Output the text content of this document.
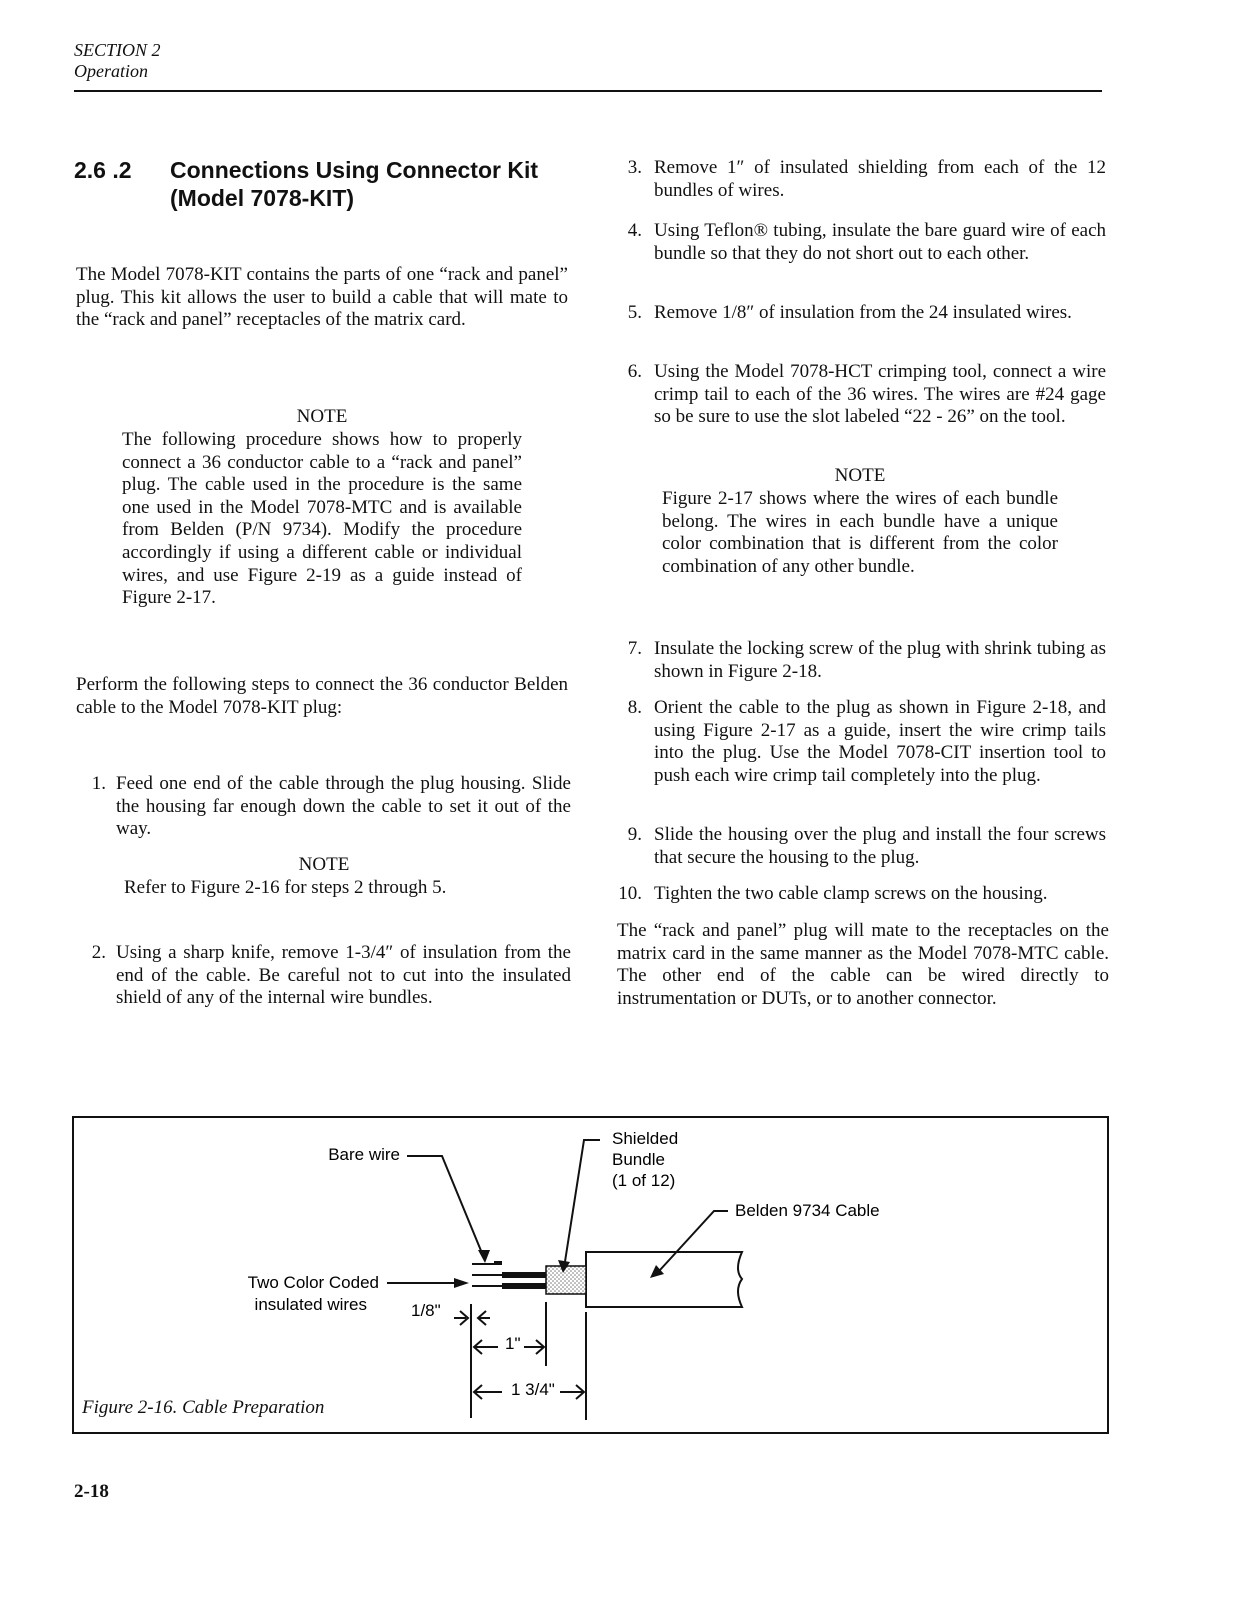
SECTION 2
Operation
2.6 .2 Connections Using Connector Kit
(Model 7078-KIT)
The Model 7078-KIT contains the parts of one “rack and panel” plug. This kit allows the user to build a cable that will mate to the “rack and panel” receptacles of the matrix card.
NOTE
The following procedure shows how to properly connect a 36 conductor cable to a “rack and panel” plug. The cable used in the procedure is the same one used in the Model 7078-MTC and is available from Belden (P/N 9734). Modify the procedure accordingly if using a different cable or individual wires, and use Figure 2-19 as a guide instead of Figure 2-17.
Perform the following steps to connect the 36 conductor Belden cable to the Model 7078-KIT plug:
1. Feed one end of the cable through the plug housing. Slide the housing far enough down the cable to set it out of the way.
NOTE
Refer to Figure 2-16 for steps 2 through 5.
2. Using a sharp knife, remove 1-3/4″ of insulation from the end of the cable. Be careful not to cut into the insulated shield of any of the internal wire bundles.
3. Remove 1″ of insulated shielding from each of the 12 bundles of wires.
4. Using Teflon® tubing, insulate the bare guard wire of each bundle so that they do not short out to each other.
5. Remove 1/8″ of insulation from the 24 insulated wires.
6. Using the Model 7078-HCT crimping tool, connect a wire crimp tail to each of the 36 wires. The wires are #24 gage so be sure to use the slot labeled “22 - 26” on the tool.
NOTE
Figure 2-17 shows where the wires of each bundle belong. The wires in each bundle have a unique color combination that is different from the color combination of any other bundle.
7. Insulate the locking screw of the plug with shrink tubing as shown in Figure 2-18.
8. Orient the cable to the plug as shown in Figure 2-18, and using Figure 2-17 as a guide, insert the wire crimp tails into the plug. Use the Model 7078-CIT insertion tool to push each wire crimp tail completely into the plug.
9. Slide the housing over the plug and install the four screws that secure the housing to the plug.
10. Tighten the two cable clamp screws on the housing.
The “rack and panel” plug will mate to the receptacles on the matrix card in the same manner as the Model 7078-MTC cable. The other end of the cable can be wired directly to instrumentation or DUTs, or to another connector.
Bare wire
Shielded
Bundle
(1 of 12)
Belden 9734 Cable
Two Color Coded
insulated wires	1/8"
1"
1 3/4"
Figure 2-16. Cable Preparation
2-18
